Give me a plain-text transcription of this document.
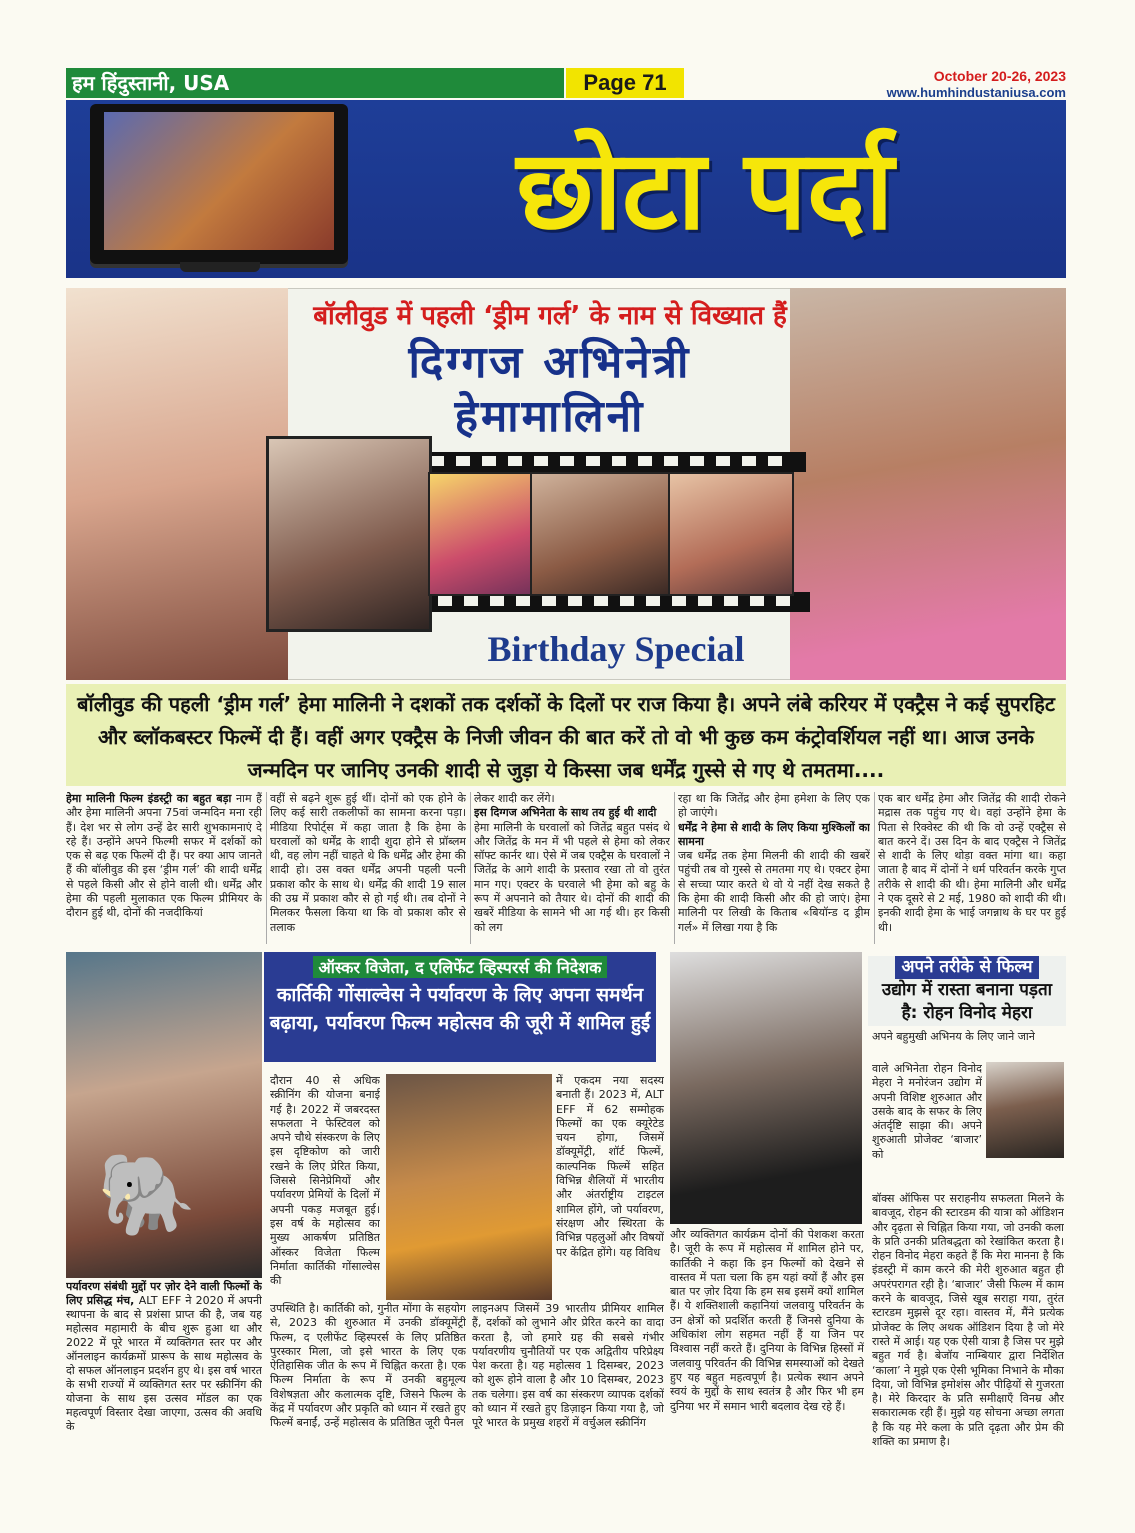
हम हिंदुस्तानी, USA	Page 71	October 20-26, 2023
www.humhindustaniusa.com
छोटा पर्दा
बॉलीवुड में पहली ‘ड्रीम गर्ल’ के नाम से विख्यात हैं
दिग्गज अभिनेत्री
हेमामालिनी
Birthday Special
बॉलीवुड की पहली ‘ड्रीम गर्ल’ हेमा मालिनी ने दशकों तक दर्शकों के दिलों पर राज किया है। अपने लंबे करियर में एक्ट्रैस ने कई सुपरहिट और ब्लॉकबस्टर फिल्में दी हैं। वहीं अगर एक्ट्रैस के निजी जीवन की बात करें तो वो भी कुछ कम कंट्रोवर्शियल नहीं था। आज उनके जन्मदिन पर जानिए उनकी शादी से जुड़ा ये किस्सा जब धर्मेंद्र गुस्से से गए थे तमतमा....
हेमा मालिनी फिल्म इंडस्ट्री का बहुत बड़ा नाम हैं और हेमा मालिनी अपना 75वां जन्मदिन मना रही हैं। देश भर से लोग उन्हें ढेर सारी शुभकामनाएं दे रहे हैं। उन्होंने अपने फिल्मी सफर में दर्शकों को एक से बढ़ एक फिल्में दी हैं। पर क्या आप जानते हैं की बॉलीवुड की इस ‘ड्रीम गर्ल’ की शादी धर्मेंद्र से पहले किसी और से होने वाली थी। धर्मेंद्र और हेमा की पहली मुलाकात एक फिल्म प्रीमियर के दौरान हुई थी, दोनों की नजदीकियां
वहीं से बढ़ने शुरू हुई थीं। दोनों को एक होने के लिए कई सारी तकलीफों का सामना करना पड़ा। मीडिया रिपोर्ट्स में कहा जाता है कि हेमा के घरवालों को धर्मेंद्र के शादी शुदा होने से प्रॉब्लम थी, वह लोग नहीं चाहते थे कि धर्मेंद्र और हेमा की शादी हो। उस वक्त धर्मेंद्र अपनी पहली पत्नी प्रकाश कौर के साथ थे। धर्मेंद्र की शादी 19 साल की उम्र में प्रकाश कौर से हो गई थी। तब दोनों ने मिलकर फैसला किया था कि वो प्रकाश कौर से तलाक
लेकर शादी कर लेंगे।
इस दिग्गज अभिनेता के साथ तय हुई थी शादी
हेमा मालिनी के घरवालों को जितेंद्र बहुत पसंद थे और जितेंद्र के मन में भी पहले से हेमा को लेकर सॉफ्ट कार्नर था। ऐसे में जब एक्ट्रैस के घरवालों ने जितेंद्र के आगे शादी के प्रस्ताव रखा तो वो तुरंत मान गए। एक्टर के घरवाले भी हेमा को बहु के रूप में अपनाने को तैयार थे। दोनों की शादी की खबरें मीडिया के सामने भी आ गई थी। हर किसी को लग
रहा था कि जितेंद्र और हेमा हमेशा के लिए एक हो जाएंगे।
धर्मेंद्र ने हेमा से शादी के लिए किया मुश्किलों का सामना
जब धर्मेंद्र तक हेमा मिलनी की शादी की खबरें पहुंची तब वो गुस्से से तमतमा गए थे। एक्टर हेमा से सच्चा प्यार करते थे वो ये नहीं देख सकते है कि हेमा की शादी किसी और की हो जाएं। हेमा मालिनी पर लिखी के किताब «बियॉन्ड द ड्रीम गर्ल» में लिखा गया है कि
एक बार धर्मेंद्र हेमा और जितेंद्र की शादी रोकने मद्रास तक पहुंच गए थे। वहां उन्होंने हेमा के पिता से रिक्वेस्ट की थी कि वो उन्हें एक्ट्रैस से बात करने दें। उस दिन के बाद एक्ट्रैस ने जितेंद्र से शादी के लिए थोड़ा वक्त मांगा था। कहा जाता है बाद में दोनों ने धर्म परिवर्तन करके गुप्त तरीके से शादी की थी। हेमा मालिनी और धर्मेंद्र ने एक दूसरे से 2 मई, 1980 को शादी की थी। इनकी शादी हेमा के भाई जगन्नाथ के घर पर हुई थी।
🐘
पर्यावरण संबंधी मुद्दों पर ज़ोर देने वाली फिल्मों के लिए प्रसिद्ध मंच, ALT EFF ने 2020 में अपनी स्थापना के बाद से प्रशंसा प्राप्त की है, जब यह महोत्सव महामारी के बीच शुरू हुआ था और 2022 में पूरे भारत में व्यक्तिगत स्तर पर और ऑनलाइन कार्यक्रमों प्रारूप के साथ महोत्सव के दो सफल ऑनलाइन प्रदर्शन हुए थे। इस वर्ष भारत के सभी राज्यों में व्यक्तिगत स्तर पर स्क्रीनिंग की योजना के साथ इस उत्सव मॉडल का एक महत्वपूर्ण विस्तार देखा जाएगा, उत्सव की अवधि के
ऑस्कर विजेता, द एलिफेंट व्हिस्परर्स की निदेशक
कार्तिकी गोंसाल्वेस ने पर्यावरण के लिए अपना समर्थन
बढ़ाया, पर्यावरण फिल्म महोत्सव की जूरी में शामिल हुईं
दौरान 40 से अधिक स्क्रीनिंग की योजना बनाई गई है। 2022 में जबरदस्त सफलता ने फेस्टिवल को अपने चौथे संस्करण के लिए इस दृष्टिकोण को जारी रखने के लिए प्रेरित किया, जिससे सिनेप्रेमियों और पर्यावरण प्रेमियों के दिलों में अपनी पकड़ मजबूत हुई। इस वर्ष के महोत्सव का मुख्य आकर्षण प्रतिष्ठित ऑस्कर विजेता फिल्म निर्माता कार्तिकी गोंसाल्वेस की
में एकदम नया सदस्य बनाती हैं। 2023 में, ALT EFF में 62 सम्मोहक फिल्मों का एक क्यूरेटेड चयन होगा, जिसमें डॉक्यूमेंट्री, शॉर्ट फिल्में, काल्पनिक फिल्में सहित विभिन्न शैलियों में भारतीय और अंतर्राष्ट्रीय टाइटल शामिल होंगे, जो पर्यावरण, संरक्षण और स्थिरता के विभिन्न पहलुओं और विषयों पर केंद्रित होंगे। यह विविध
उपस्थिति है। कार्तिकी को, गुनीत मोंगा के सहयोग से, 2023 की शुरुआत में उनकी डॉक्यूमेंट्री फिल्म, द एलीफेंट व्हिस्परर्स के लिए प्रतिष्ठित पुरस्कार मिला, जो इसे भारत के लिए एक ऐतिहासिक जीत के रूप में चिह्नित करता है। एक फिल्म निर्माता के रूप में उनकी बहुमूल्य विशेषज्ञता और कलात्मक दृष्टि, जिसने फिल्म के केंद्र में पर्यावरण और प्रकृति को ध्यान में रखते हुए फिल्में बनाईं, उन्हें महोत्सव के प्रतिष्ठित जूरी पैनल
लाइनअप जिसमें 39 भारतीय प्रीमियर शामिल हैं, दर्शकों को लुभाने और प्रेरित करने का वादा करता है, जो हमारे ग्रह की सबसे गंभीर पर्यावरणीय चुनौतियों पर एक अद्वितीय परिप्रेक्ष्य पेश करता है। यह महोत्सव 1 दिसम्बर, 2023 को शुरू होने वाला है और 10 दिसम्बर, 2023 तक चलेगा। इस वर्ष का संस्करण व्यापक दर्शकों को ध्यान में रखते हुए डिज़ाइन किया गया है, जो पूरे भारत के प्रमुख शहरों में वर्चुअल स्क्रीनिंग
और व्यक्तिगत कार्यक्रम दोनों की पेशकश करता है। जूरी के रूप में महोत्सव में शामिल होने पर, कार्तिकी ने कहा कि इन फिल्मों को देखने से वास्तव में पता चला कि हम यहां क्यों हैं और इस बात पर ज़ोर दिया कि हम सब इसमें क्यों शामिल हैं। ये शक्तिशाली कहानियां जलवायु परिवर्तन के उन क्षेत्रों को प्रदर्शित करती हैं जिनसे दुनिया के अधिकांश लोग सहमत नहीं हैं या जिन पर विश्वास नहीं करते हैं। दुनिया के विभिन्न हिस्सों में जलवायु परिवर्तन की विभिन्न समस्याओं को देखते हुए यह बहुत महत्वपूर्ण है। प्रत्येक स्थान अपने स्वयं के मुद्दों के साथ स्वतंत्र है और फिर भी हम दुनिया भर में समान भारी बदलाव देख रहे हैं।
अपने तरीके से फिल्म
उद्योग में रास्ता बनाना पड़ता
है: रोहन विनोद मेहरा
अपने बहुमुखी अभिनय के लिए जाने जाने
वाले अभिनेता रोहन विनोद मेहरा ने मनोरंजन उद्योग में अपनी विशिष्ट शुरुआत और उसके बाद के सफर के लिए अंतर्दृष्टि साझा की। अपने शुरुआती प्रोजेक्ट ‘बाजार’ को
बॉक्स ऑफिस पर सराहनीय सफलता मिलने के बावजूद, रोहन की स्टारडम की यात्रा को ऑडिशन और दृढ़ता से चिह्नित किया गया, जो उनकी कला के प्रति उनकी प्रतिबद्धता को रेखांकित करता है। रोहन विनोद मेहरा कहते हैं कि मेरा मानना है कि इंडस्ट्री में काम करने की मेरी शुरुआत बहुत ही अपरंपरागत रही है। ‘बाजार’ जैसी फिल्म में काम करने के बावजूद, जिसे खूब सराहा गया, तुरंत स्टारडम मुझसे दूर रहा। वास्तव में, मैंने प्रत्येक प्रोजेक्ट के लिए अथक ऑडिशन दिया है जो मेरे रास्ते में आई। यह एक ऐसी यात्रा है जिस पर मुझे बहुत गर्व है। बेजॉय नाम्बियार द्वारा निर्देशित ‘काला’ ने मुझे एक ऐसी भूमिका निभाने के मौका दिया, जो विभिन्न इमोशंस और पीढ़ियों से गुजरता है। मेरे किरदार के प्रति समीक्षाएँ विनम्र और सकारात्मक रही हैं। मुझे यह सोचना अच्छा लगता है कि यह मेरे कला के प्रति दृढ़ता और प्रेम की शक्ति का प्रमाण है।
